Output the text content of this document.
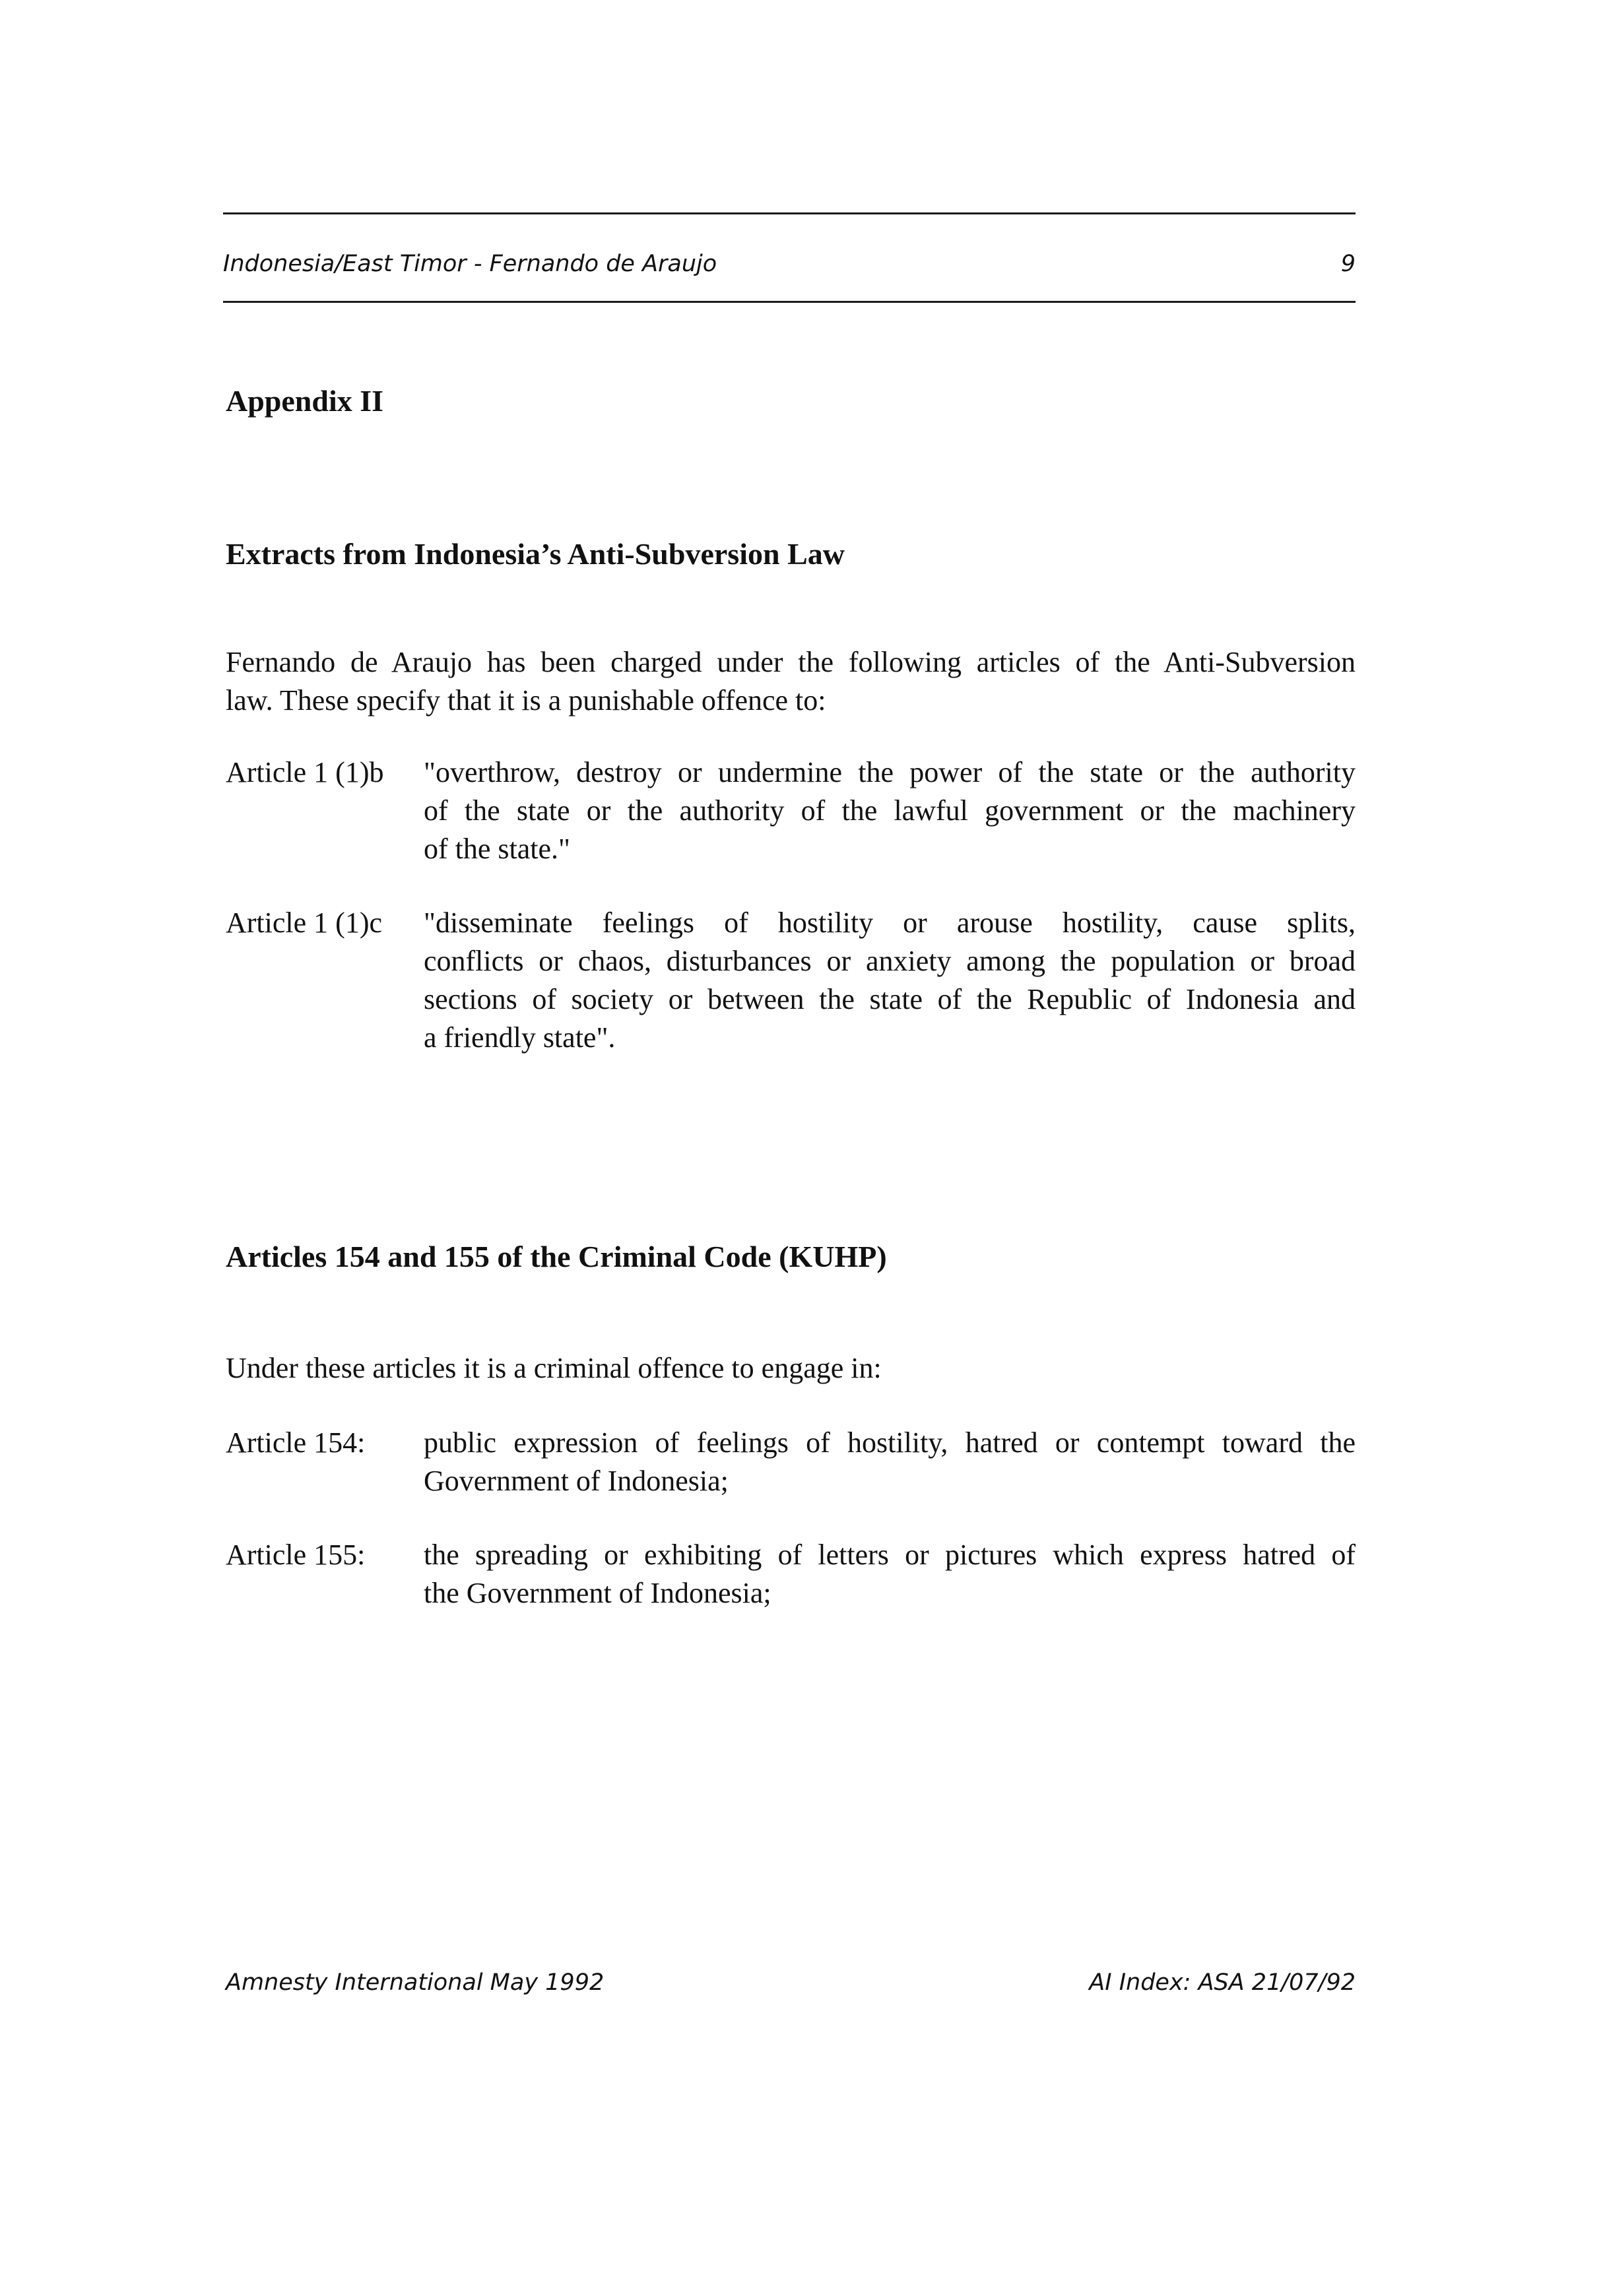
Indonesia/East Timor - Fernando de Araujo	9
Appendix II
Extracts from Indonesia’s Anti-Subversion Law
Fernando de Araujo has been charged under the following articles of the Anti-Subversion
law. These specify that it is a punishable offence to:
Article 1 (1)b "overthrow, destroy or undermine the power of the state or the authority
of the state or the authority of the lawful government or the machinery
of the state."
Article 1 (1)c "disseminate feelings of hostility or arouse hostility, cause splits,
conflicts or chaos, disturbances or anxiety among the population or broad
sections of society or between the state of the Republic of Indonesia and
a friendly state".
Articles 154 and 155 of the Criminal Code (KUHP)
Under these articles it is a criminal offence to engage in:
Article 154: public expression of feelings of hostility, hatred or contempt toward the
Government of Indonesia;
Article 155: the spreading or exhibiting of letters or pictures which express hatred of
the Government of Indonesia;
Amnesty International May 1992	AI Index: ASA 21/07/92
